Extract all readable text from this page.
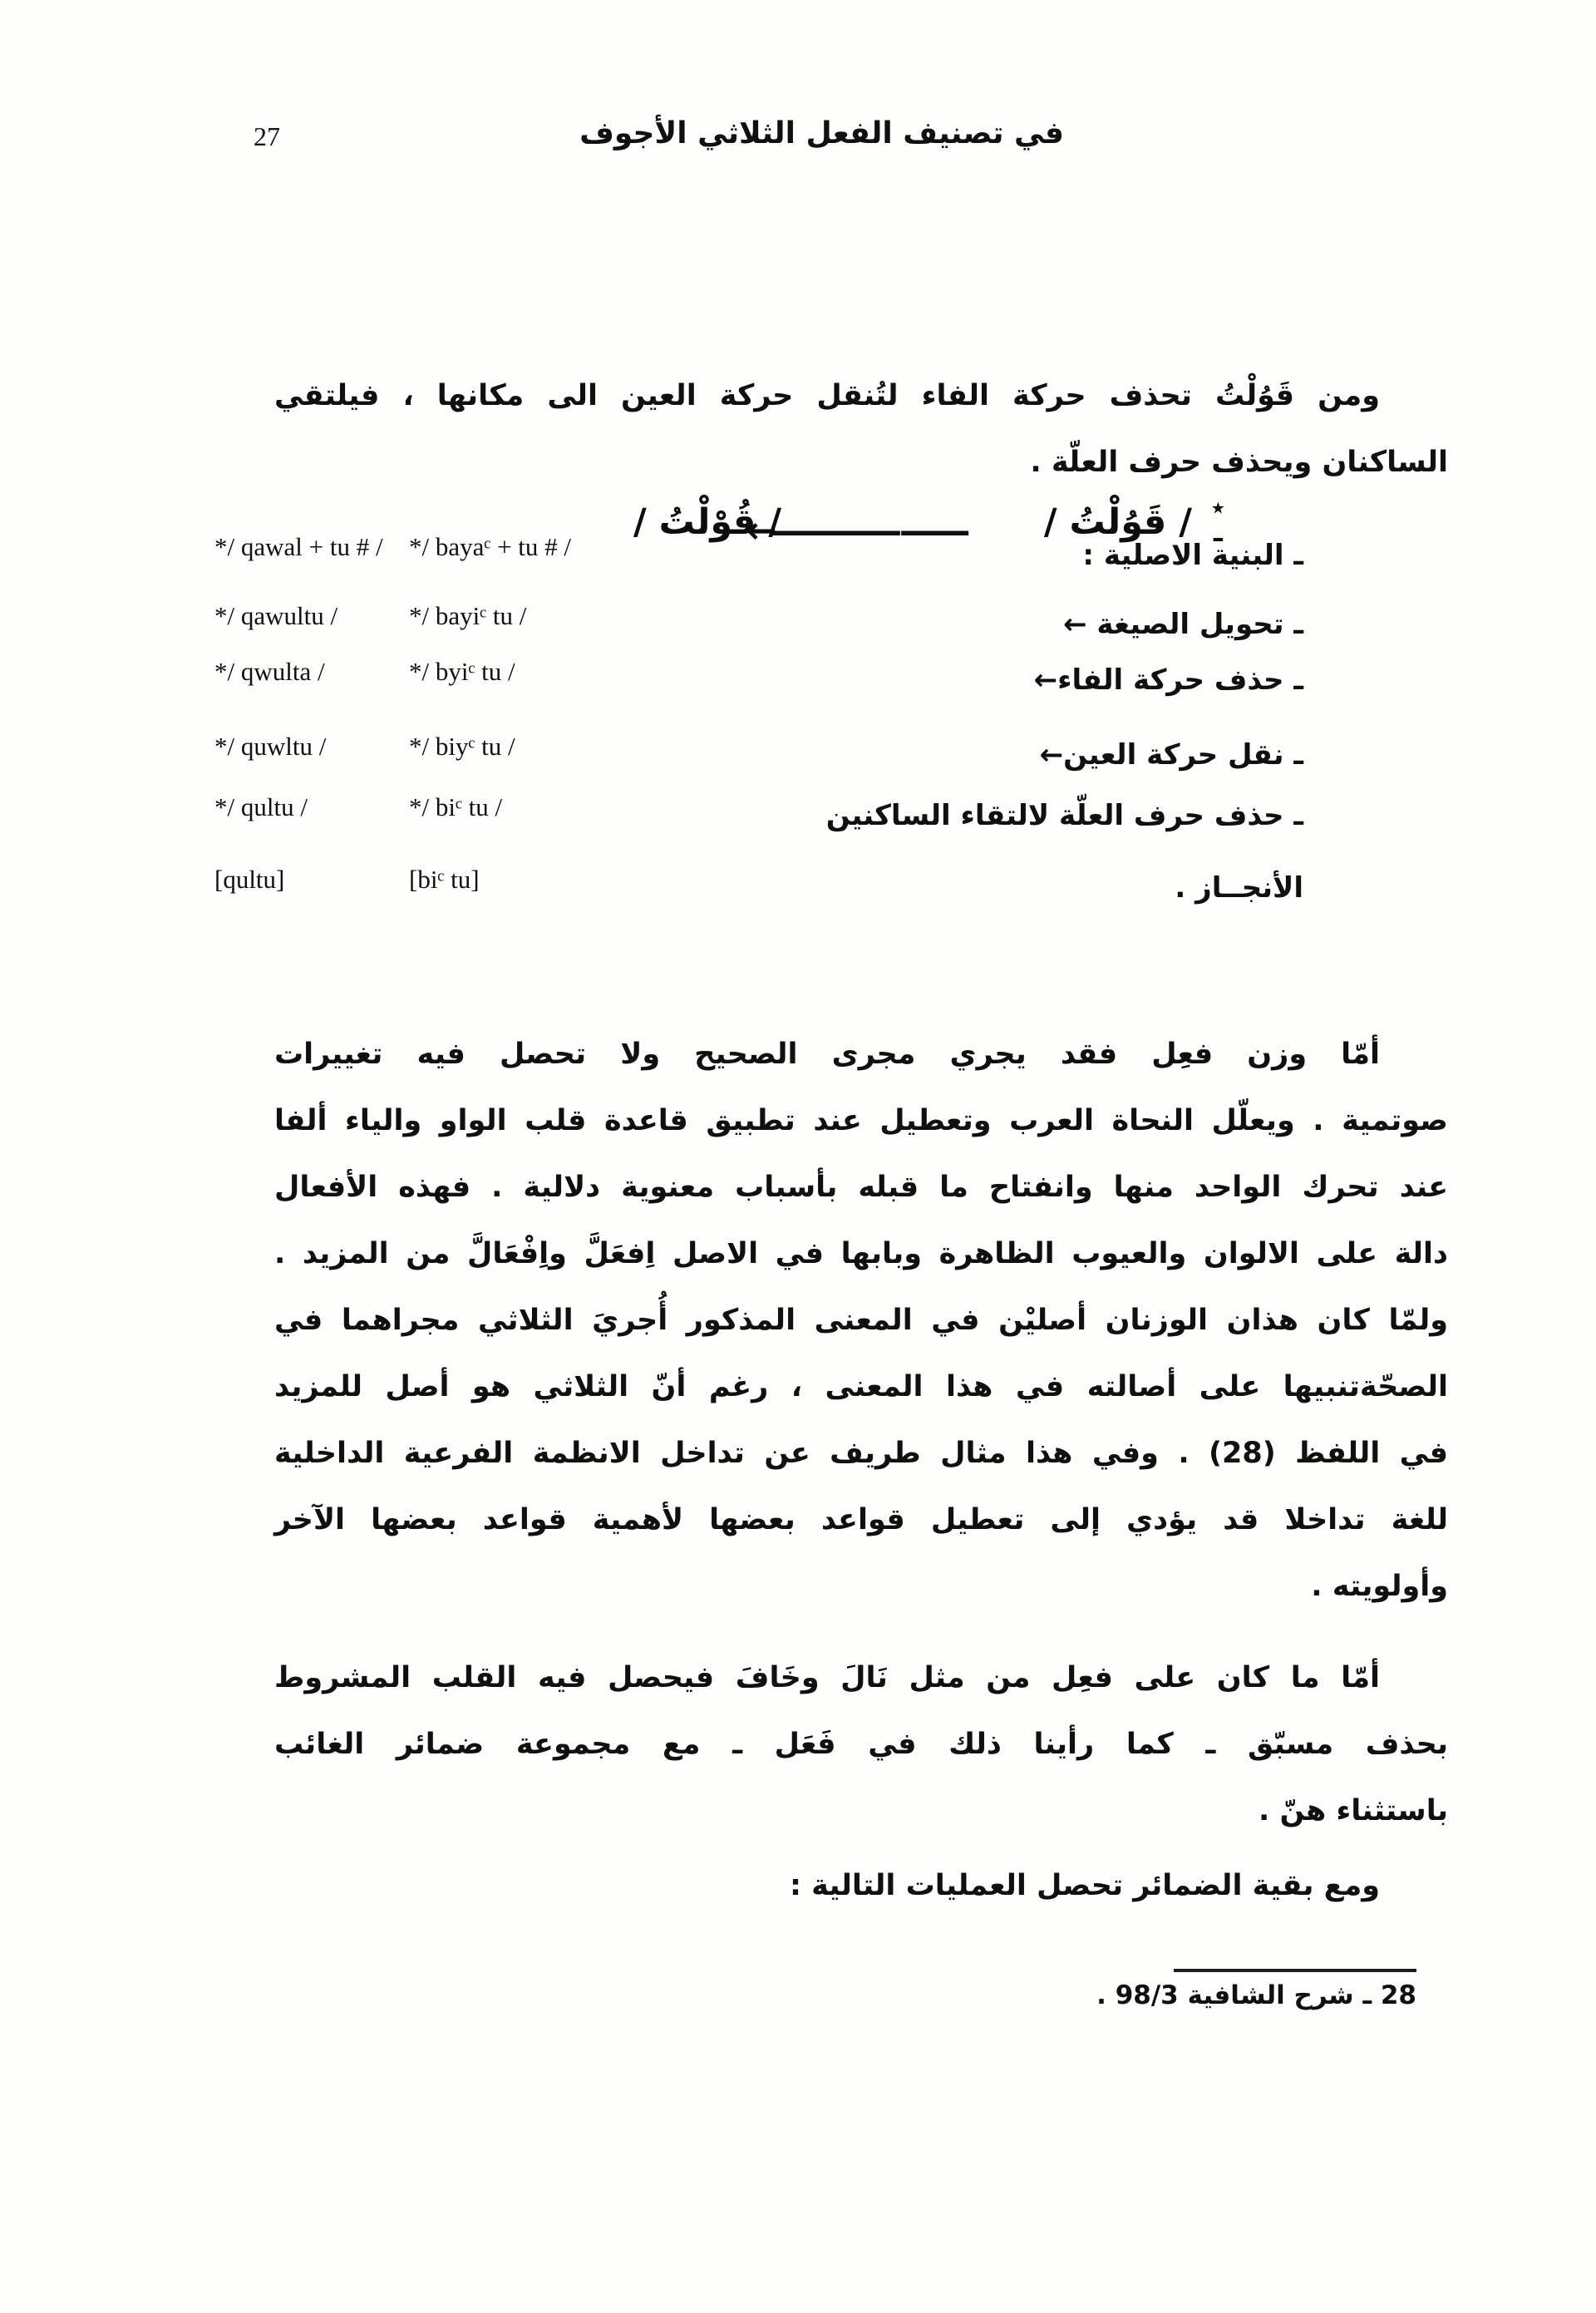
27	في تصنيف الفعل الثلاثي الأجوف
٭
ـ
/ قَوُلْتُ /
←―――― ――
/ قُوْلْتُ /
ومن قَوُلْتُ تحذف حركة الفاء لتُنقل حركة العين الى مكانها ، فيلتقي
الساكنان ويحذف حرف العلّة .
*/ qawal + tu # / */ bayaᶜ + tu # /	ـ البنية الاصلية :
*/ qawultu /	*/ bayiᶜ tu /	ـ تحويل الصيغة ←
*/ qwulta /	*/ byiᶜ tu /	ـ حذف حركة الفاء←
*/ quwltu /	*/ biyᶜ tu /	ـ نقل حركة العين←
*/ qultu /	*/ biᶜ tu /	ـ حذف حرف العلّة لالتقاء الساكنين
[qultu]	[biᶜ tu]	الأنجــاز .
أمّا وزن فعِل فقد يجري مجرى الصحيح ولا تحصل فيه تغييرات
صوتمية . ويعلّل النحاة العرب وتعطيل عند تطبيق قاعدة قلب الواو والياء ألفا
عند تحرك الواحد منها وانفتاح ما قبله بأسباب معنوية دلالية . فهذه الأفعال
دالة على الالوان والعيوب الظاهرة وبابها في الاصل اِفعَلَّ واِفْعَالَّ من المزيد .
ولمّا كان هذان الوزنان أصليْن في المعنى المذكور أُجريَ الثلاثي مجراهما في
الصحّةتنبيها على أصالته في هذا المعنى ، رغم أنّ الثلاثي هو أصل للمزيد
في اللفظ (28) . وفي هذا مثال طريف عن تداخل الانظمة الفرعية الداخلية
للغة تداخلا قد يؤدي إلى تعطيل قواعد بعضها لأهمية قواعد بعضها الآخر
وأولويته .
أمّا ما كان على فعِل من مثل نَالَ وخَافَ فيحصل فيه القلب المشروط
بحذف مسبّق ـ كما رأينا ذلك في فَعَل ـ مع مجموعة ضمائر الغائب
باستثناء هنّ .
ومع بقية الضمائر تحصل العمليات التالية :
28 ـ شرح الشافية 98/3 .
